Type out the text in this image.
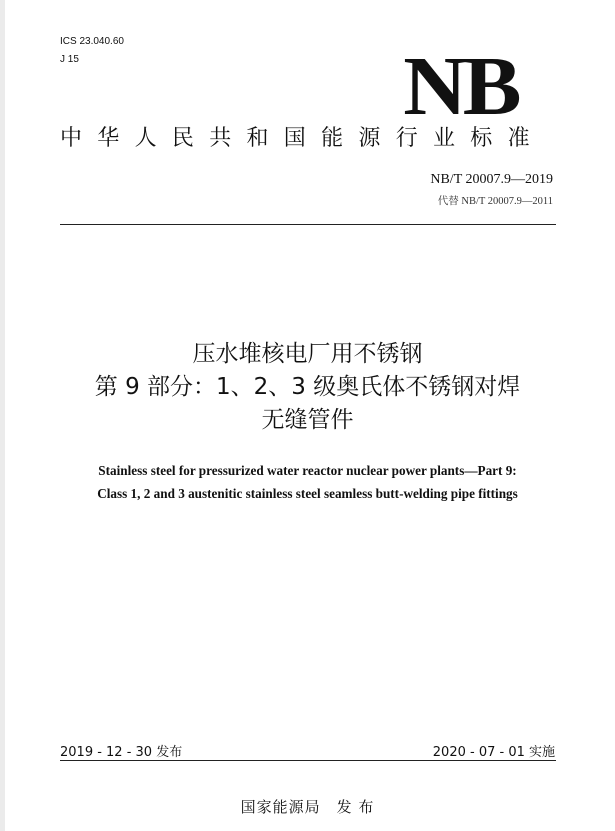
ICS 23.040.60
J 15	NB
中华人民共和国能源行业标准
NB/T 20007.9—2019
代替 NB/T 20007.9—2011
压水堆核电厂用不锈钢
第 9 部分：1、2、3 级奥氏体不锈钢对焊
无缝管件
Stainless steel for pressurized water reactor nuclear power plants—Part 9:
Class 1, 2 and 3 austenitic stainless steel seamless butt-welding pipe fittings
2019 - 12 - 30 发布	2020 - 07 - 01 实施
国家能源局　发 布
